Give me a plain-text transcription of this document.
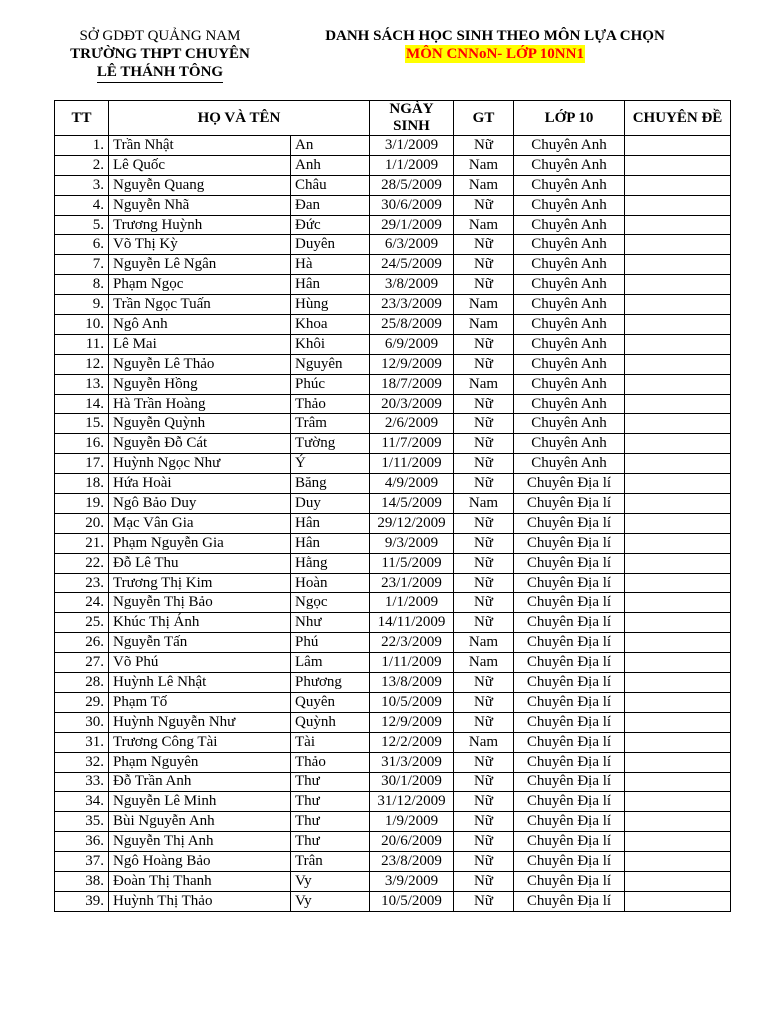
SỞ GDĐT QUẢNG NAM
TRƯỜNG THPT CHUYÊN
LÊ THÁNH TÔNG
DANH SÁCH HỌC SINH THEO MÔN LỰA CHỌN
MÔN CNNoN- LỚP 10NN1
TT	HỌ VÀ TÊN		NGÀY SINH	GT	LỚP 10	CHUYÊN ĐỀ
1.	Trần Nhật	An	3/1/2009	Nữ	Chuyên Anh	
2.	Lê Quốc	Anh	1/1/2009	Nam	Chuyên Anh	
3.	Nguyễn Quang	Châu	28/5/2009	Nam	Chuyên Anh	
4.	Nguyễn Nhã	Đan	30/6/2009	Nữ	Chuyên Anh	
5.	Trương Huỳnh	Đức	29/1/2009	Nam	Chuyên Anh	
6.	Võ Thị Kỳ	Duyên	6/3/2009	Nữ	Chuyên Anh	
7.	Nguyễn Lê Ngân	Hà	24/5/2009	Nữ	Chuyên Anh	
8.	Phạm Ngọc	Hân	3/8/2009	Nữ	Chuyên Anh	
9.	Trần Ngọc Tuấn	Hùng	23/3/2009	Nam	Chuyên Anh	
10.	Ngô Anh	Khoa	25/8/2009	Nam	Chuyên Anh	
11.	Lê Mai	Khôi	6/9/2009	Nữ	Chuyên Anh	
12.	Nguyễn Lê Thảo	Nguyên	12/9/2009	Nữ	Chuyên Anh	
13.	Nguyễn Hồng	Phúc	18/7/2009	Nam	Chuyên Anh	
14.	Hà Trần Hoàng	Thảo	20/3/2009	Nữ	Chuyên Anh	
15.	Nguyễn Quỳnh	Trâm	2/6/2009	Nữ	Chuyên Anh	
16.	Nguyễn Đỗ Cát	Tường	11/7/2009	Nữ	Chuyên Anh	
17.	Huỳnh Ngọc Như	Ý	1/11/2009	Nữ	Chuyên Anh	
18.	Hứa Hoài	Băng	4/9/2009	Nữ	Chuyên Địa lí	
19.	Ngô Bảo Duy	Duy	14/5/2009	Nam	Chuyên Địa lí	
20.	Mạc Vân Gia	Hân	29/12/2009	Nữ	Chuyên Địa lí	
21.	Phạm Nguyễn Gia	Hân	9/3/2009	Nữ	Chuyên Địa lí	
22.	Đỗ Lê Thu	Hằng	11/5/2009	Nữ	Chuyên Địa lí	
23.	Trương Thị Kim	Hoàn	23/1/2009	Nữ	Chuyên Địa lí	
24.	Nguyễn Thị Bảo	Ngọc	1/1/2009	Nữ	Chuyên Địa lí	
25.	Khúc Thị Ánh	Như	14/11/2009	Nữ	Chuyên Địa lí	
26.	Nguyễn Tấn	Phú	22/3/2009	Nam	Chuyên Địa lí	
27.	Võ Phú	Lâm	1/11/2009	Nam	Chuyên Địa lí	
28.	Huỳnh Lê Nhật	Phương	13/8/2009	Nữ	Chuyên Địa lí	
29.	Phạm Tố	Quyên	10/5/2009	Nữ	Chuyên Địa lí	
30.	Huỳnh Nguyễn Như	Quỳnh	12/9/2009	Nữ	Chuyên Địa lí	
31.	Trương Công Tài	Tài	12/2/2009	Nam	Chuyên Địa lí	
32.	Phạm Nguyên	Thảo	31/3/2009	Nữ	Chuyên Địa lí	
33.	Đỗ Trần Anh	Thư	30/1/2009	Nữ	Chuyên Địa lí	
34.	Nguyễn Lê Minh	Thư	31/12/2009	Nữ	Chuyên Địa lí	
35.	Bùi Nguyễn Anh	Thư	1/9/2009	Nữ	Chuyên Địa lí	
36.	Nguyễn Thị Anh	Thư	20/6/2009	Nữ	Chuyên Địa lí	
37.	Ngô Hoàng Bảo	Trân	23/8/2009	Nữ	Chuyên Địa lí	
38.	Đoàn Thị Thanh	Vy	3/9/2009	Nữ	Chuyên Địa lí	
39.	Huỳnh Thị Thảo	Vy	10/5/2009	Nữ	Chuyên Địa lí	
